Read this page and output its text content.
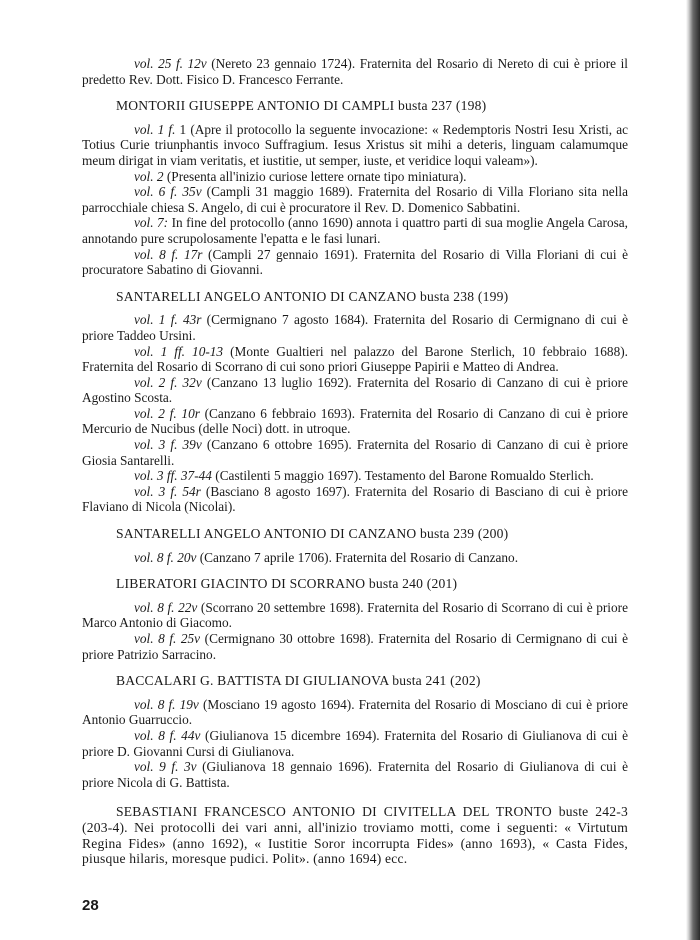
vol. 25 f. 12v (Nereto 23 gennaio 1724). Fraternita del Rosario di Nereto di cui è priore il predetto Rev. Dott. Fisico D. Francesco Ferrante.

MONTORII GIUSEPPE ANTONIO DI CAMPLI busta 237 (198)

vol. 1 f. 1 (Apre il protocollo la seguente invocazione: « Redemptoris Nostri Iesu Xristi, ac Totius Curie triunphantis invoco Suffragium. Iesus Xristus sit mihi a deteris, linguam calamumque meum dirigat in viam veritatis, et iustitie, ut semper, iuste, et veridice loqui valeam»).

vol. 2 (Presenta all'inizio curiose lettere ornate tipo miniatura).

vol. 6 f. 35v (Campli 31 maggio 1689). Fraternita del Rosario di Villa Floriano sita nella parrocchiale chiesa S. Angelo, di cui è procuratore il Rev. D. Domenico Sabbatini.

vol. 7: In fine del protocollo (anno 1690) annota i quattro parti di sua moglie Angela Carosa, annotando pure scrupolosamente l'epatta e le fasi lunari.

vol. 8 f. 17r (Campli 27 gennaio 1691). Fraternita del Rosario di Villa Floriani di cui è procuratore Sabatino di Giovanni.

SANTARELLI ANGELO ANTONIO DI CANZANO busta 238 (199)

vol. 1 f. 43r (Cermignano 7 agosto 1684). Fraternita del Rosario di Cermignano di cui è priore Taddeo Ursini.

vol. 1 ff. 10-13 (Monte Gualtieri nel palazzo del Barone Sterlich, 10 febbraio 1688). Fraternita del Rosario di Scorrano di cui sono priori Giuseppe Papirii e Matteo di Andrea.

vol. 2 f. 32v (Canzano 13 luglio 1692). Fraternita del Rosario di Canzano di cui è priore Agostino Scosta.

vol. 2 f. 10r (Canzano 6 febbraio 1693). Fraternita del Rosario di Canzano di cui è priore Mercurio de Nucibus (delle Noci) dott. in utroque.

vol. 3 f. 39v (Canzano 6 ottobre 1695). Fraternita del Rosario di Canzano di cui è priore Giosia Santarelli.

vol. 3 ff. 37-44 (Castilenti 5 maggio 1697). Testamento del Barone Romualdo Sterlich.

vol. 3 f. 54r (Basciano 8 agosto 1697). Fraternita del Rosario di Basciano di cui è priore Flaviano di Nicola (Nicolai).

SANTARELLI ANGELO ANTONIO DI CANZANO busta 239 (200)

vol. 8 f. 20v (Canzano 7 aprile 1706). Fraternita del Rosario di Canzano.

LIBERATORI GIACINTO DI SCORRANO busta 240 (201)

vol. 8 f. 22v (Scorrano 20 settembre 1698). Fraternita del Rosario di Scorrano di cui è priore Marco Antonio di Giacomo.

vol. 8 f. 25v (Cermignano 30 ottobre 1698). Fraternita del Rosario di Cermignano di cui è priore Patrizio Sarracino.

BACCALARI G. BATTISTA DI GIULIANOVA busta 241 (202)

vol. 8 f. 19v (Mosciano 19 agosto 1694). Fraternita del Rosario di Mosciano di cui è priore Antonio Guarruccio.

vol. 8 f. 44v (Giulianova 15 dicembre 1694). Fraternita del Rosario di Giulianova di cui è priore D. Giovanni Cursi di Giulianova.

vol. 9 f. 3v (Giulianova 18 gennaio 1696). Fraternita del Rosario di Giulianova di cui è priore Nicola di G. Battista.

SEBASTIANI FRANCESCO ANTONIO DI CIVITELLA DEL TRONTO buste 242-3 (203-4). Nei protocolli dei vari anni, all'inizio troviamo motti, come i seguenti: « Virtutum Regina Fides» (anno 1692), « Iustitie Soror incorrupta Fides» (anno 1693), « Casta Fides, piusque hilaris, moresque pudici. Polit». (anno 1694) ecc.

28
